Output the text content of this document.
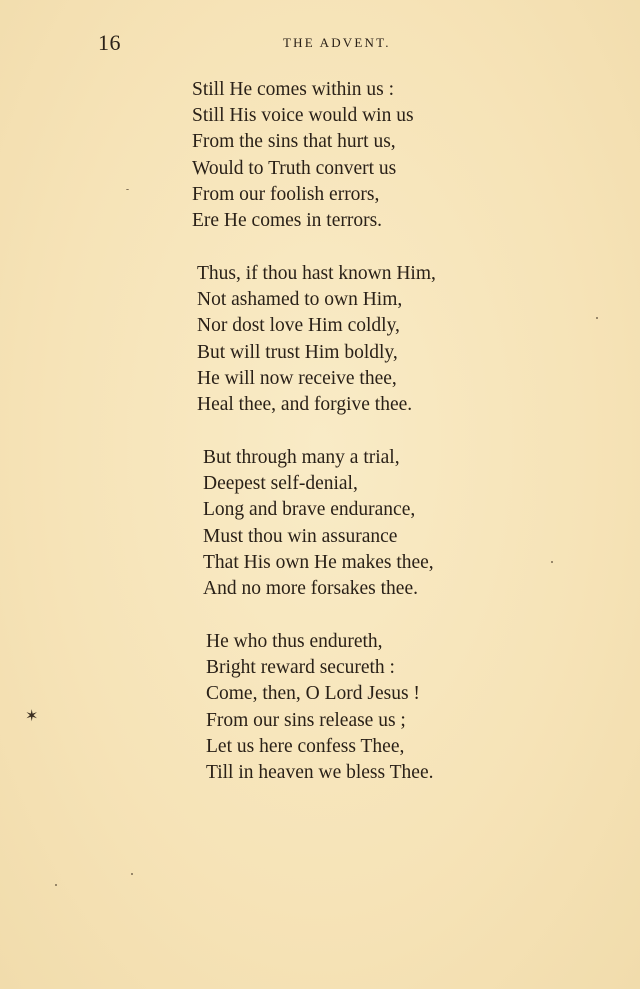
16	THE ADVENT.
Still He comes within us :
Still His voice would win us
From the sins that hurt us,
Would to Truth convert us
From our foolish errors,
Ere He comes in terrors.
Thus, if thou hast known Him,
Not ashamed to own Him,
Nor dost love Him coldly,
But will trust Him boldly,
He will now receive thee,
Heal thee, and forgive thee.
But through many a trial,
Deepest self-denial,
Long and brave endurance,
Must thou win assurance
That His own He makes thee,
And no more forsakes thee.
He who thus endureth,
Bright reward secureth :
Come, then, O Lord Jesus !
From our sins release us ;
Let us here confess Thee,
Till in heaven we bless Thee.
✶
